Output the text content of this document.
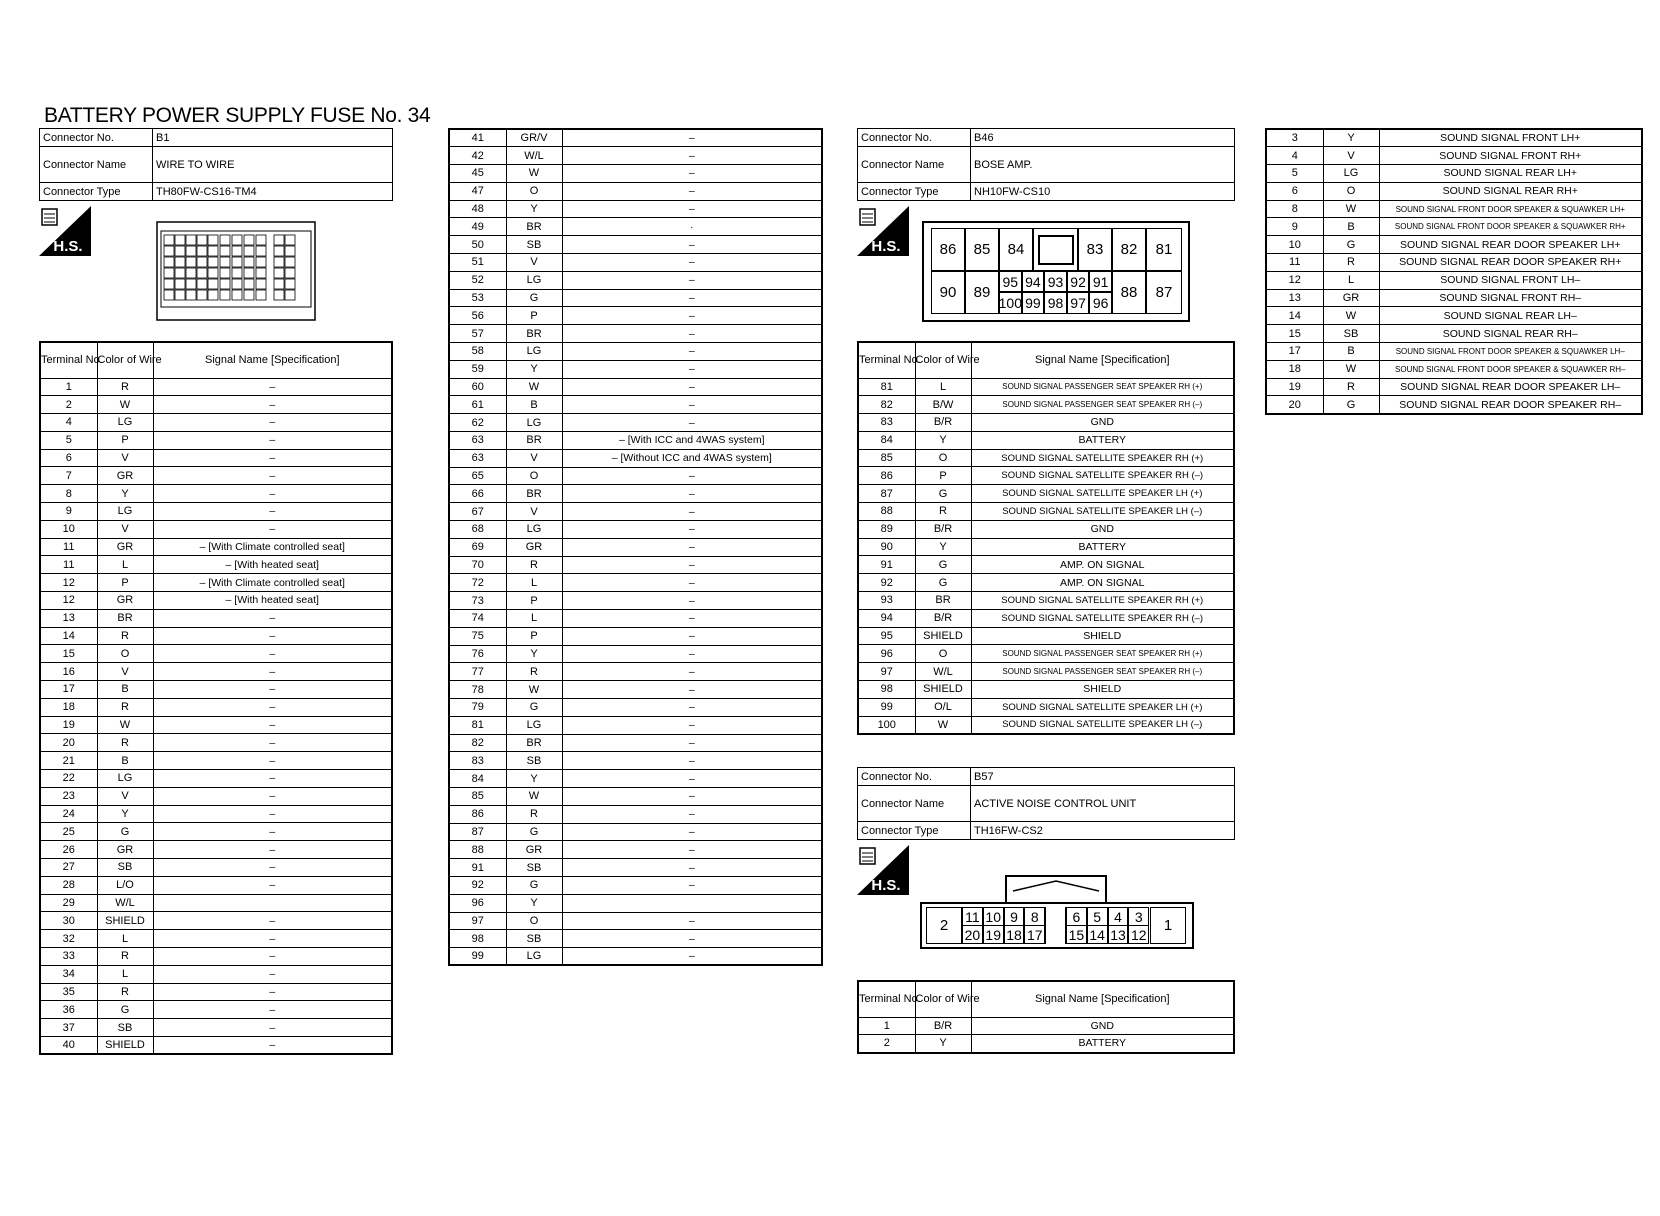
BATTERY POWER SUPPLY FUSE No. 34
Connector No.	B1
Connector Name	WIRE TO WIRE
Connector Type	TH80FW-CS16-TM4
H.S.
Terminal No.	Color of Wire	Signal Name [Specification]
1	R	–
2	W	–
4	LG	–
5	P	–
6	V	–
7	GR	–
8	Y	–
9	LG	–
10	V	–
11	GR	– [With Climate controlled seat]
11	L	– [With heated seat]
12	P	– [With Climate controlled seat]
12	GR	– [With heated seat]
13	BR	–
14	R	–
15	O	–
16	V	–
17	B	–
18	R	–
19	W	–
20	R	–
21	B	–
22	LG	–
23	V	–
24	Y	–
25	G	–
26	GR	–
27	SB	–
28	L/O	–
29	W/L	
30	SHIELD	–
32	L	–
33	R	–
34	L	–
35	R	–
36	G	–
37	SB	–
40	SHIELD	–
41	GR/V	–
42	W/L	–
45	W	–
47	O	–
48	Y	–
49	BR	·
50	SB	–
51	V	–
52	LG	–
53	G	–
56	P	–
57	BR	–
58	LG	–
59	Y	–
60	W	–
61	B	–
62	LG	–
63	BR	– [With ICC and 4WAS system]
63	V	– [Without ICC and 4WAS system]
65	O	–
66	BR	–
67	V	–
68	LG	–
69	GR	–
70	R	–
72	L	–
73	P	–
74	L	–
75	P	–
76	Y	–
77	R	–
78	W	–
79	G	–
81	LG	–
82	BR	–
83	SB	–
84	Y	–
85	W	–
86	R	–
87	G	–
88	GR	–
91	SB	–
92	G	–
96	Y	
97	O	–
98	SB	–
99	LG	–
Connector No.	B46
Connector Name	BOSE AMP.
Connector Type	NH10FW-CS10
H.S.	86	85	84	83	82	81
90	89
95 94 93 92 91
100 99 98 97 96
88	87
Terminal No.	Color of Wire	Signal Name [Specification]
81	L	SOUND SIGNAL PASSENGER SEAT SPEAKER RH (+)
82	B/W	SOUND SIGNAL PASSENGER SEAT SPEAKER RH (–)
83	B/R	GND
84	Y	BATTERY
85	O	SOUND SIGNAL SATELLITE SPEAKER RH (+)
86	P	SOUND SIGNAL SATELLITE SPEAKER RH (–)
87	G	SOUND SIGNAL SATELLITE SPEAKER LH (+)
88	R	SOUND SIGNAL SATELLITE SPEAKER LH (–)
89	B/R	GND
90	Y	BATTERY
91	G	AMP. ON SIGNAL
92	G	AMP. ON SIGNAL
93	BR	SOUND SIGNAL SATELLITE SPEAKER RH (+)
94	B/R	SOUND SIGNAL SATELLITE SPEAKER RH (–)
95	SHIELD	SHIELD
96	O	SOUND SIGNAL PASSENGER SEAT SPEAKER RH (+)
97	W/L	SOUND SIGNAL PASSENGER SEAT SPEAKER RH (–)
98	SHIELD	SHIELD
99	O/L	SOUND SIGNAL SATELLITE SPEAKER LH (+)
100	W	SOUND SIGNAL SATELLITE SPEAKER LH (–)
Connector No.	B57
Connector Name	ACTIVE NOISE CONTROL UNIT
Connector Type	TH16FW-CS2
H.S.
2
11 10 9 8	6 5 4 3
20 19 18 17 15 14 13 12
1
Terminal No.	Color of Wire	Signal Name [Specification]
1	B/R	GND
2	Y	BATTERY
3	Y	SOUND SIGNAL FRONT LH+
4	V	SOUND SIGNAL FRONT RH+
5	LG	SOUND SIGNAL REAR LH+
6	O	SOUND SIGNAL REAR RH+
8	W	SOUND SIGNAL FRONT DOOR SPEAKER & SQUAWKER LH+
9	B	SOUND SIGNAL FRONT DOOR SPEAKER & SQUAWKER RH+
10	G	SOUND SIGNAL REAR DOOR SPEAKER LH+
11	R	SOUND SIGNAL REAR DOOR SPEAKER RH+
12	L	SOUND SIGNAL FRONT LH–
13	GR	SOUND SIGNAL FRONT RH–
14	W	SOUND SIGNAL REAR LH–
15	SB	SOUND SIGNAL REAR RH–
17	B	SOUND SIGNAL FRONT DOOR SPEAKER & SQUAWKER LH–
18	W	SOUND SIGNAL FRONT DOOR SPEAKER & SQUAWKER RH–
19	R	SOUND SIGNAL REAR DOOR SPEAKER LH–
20	G	SOUND SIGNAL REAR DOOR SPEAKER RH–
